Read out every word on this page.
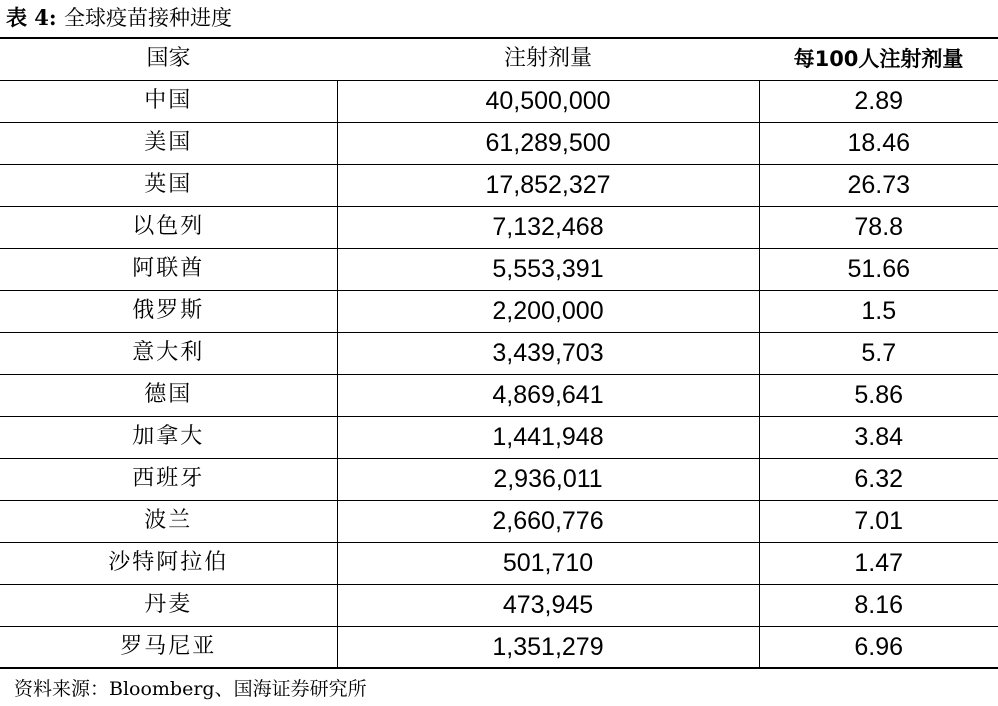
表 4: 全球疫苗接种进度
国家	注射剂量	每100人注射剂量
中国	40,500,000	2.89
美国	61,289,500	18.46
英国	17,852,327	26.73
以色列	7,132,468	78.8
阿联酋	5,553,391	51.66
俄罗斯	2,200,000	1.5
意大利	3,439,703	5.7
德国	4,869,641	5.86
加拿大	1,441,948	3.84
西班牙	2,936,011	6.32
波兰	2,660,776	7.01
沙特阿拉伯	501,710	1.47
丹麦	473,945	8.16
罗马尼亚	1,351,279	6.96
资料来源：Bloomberg、国海证券研究所
